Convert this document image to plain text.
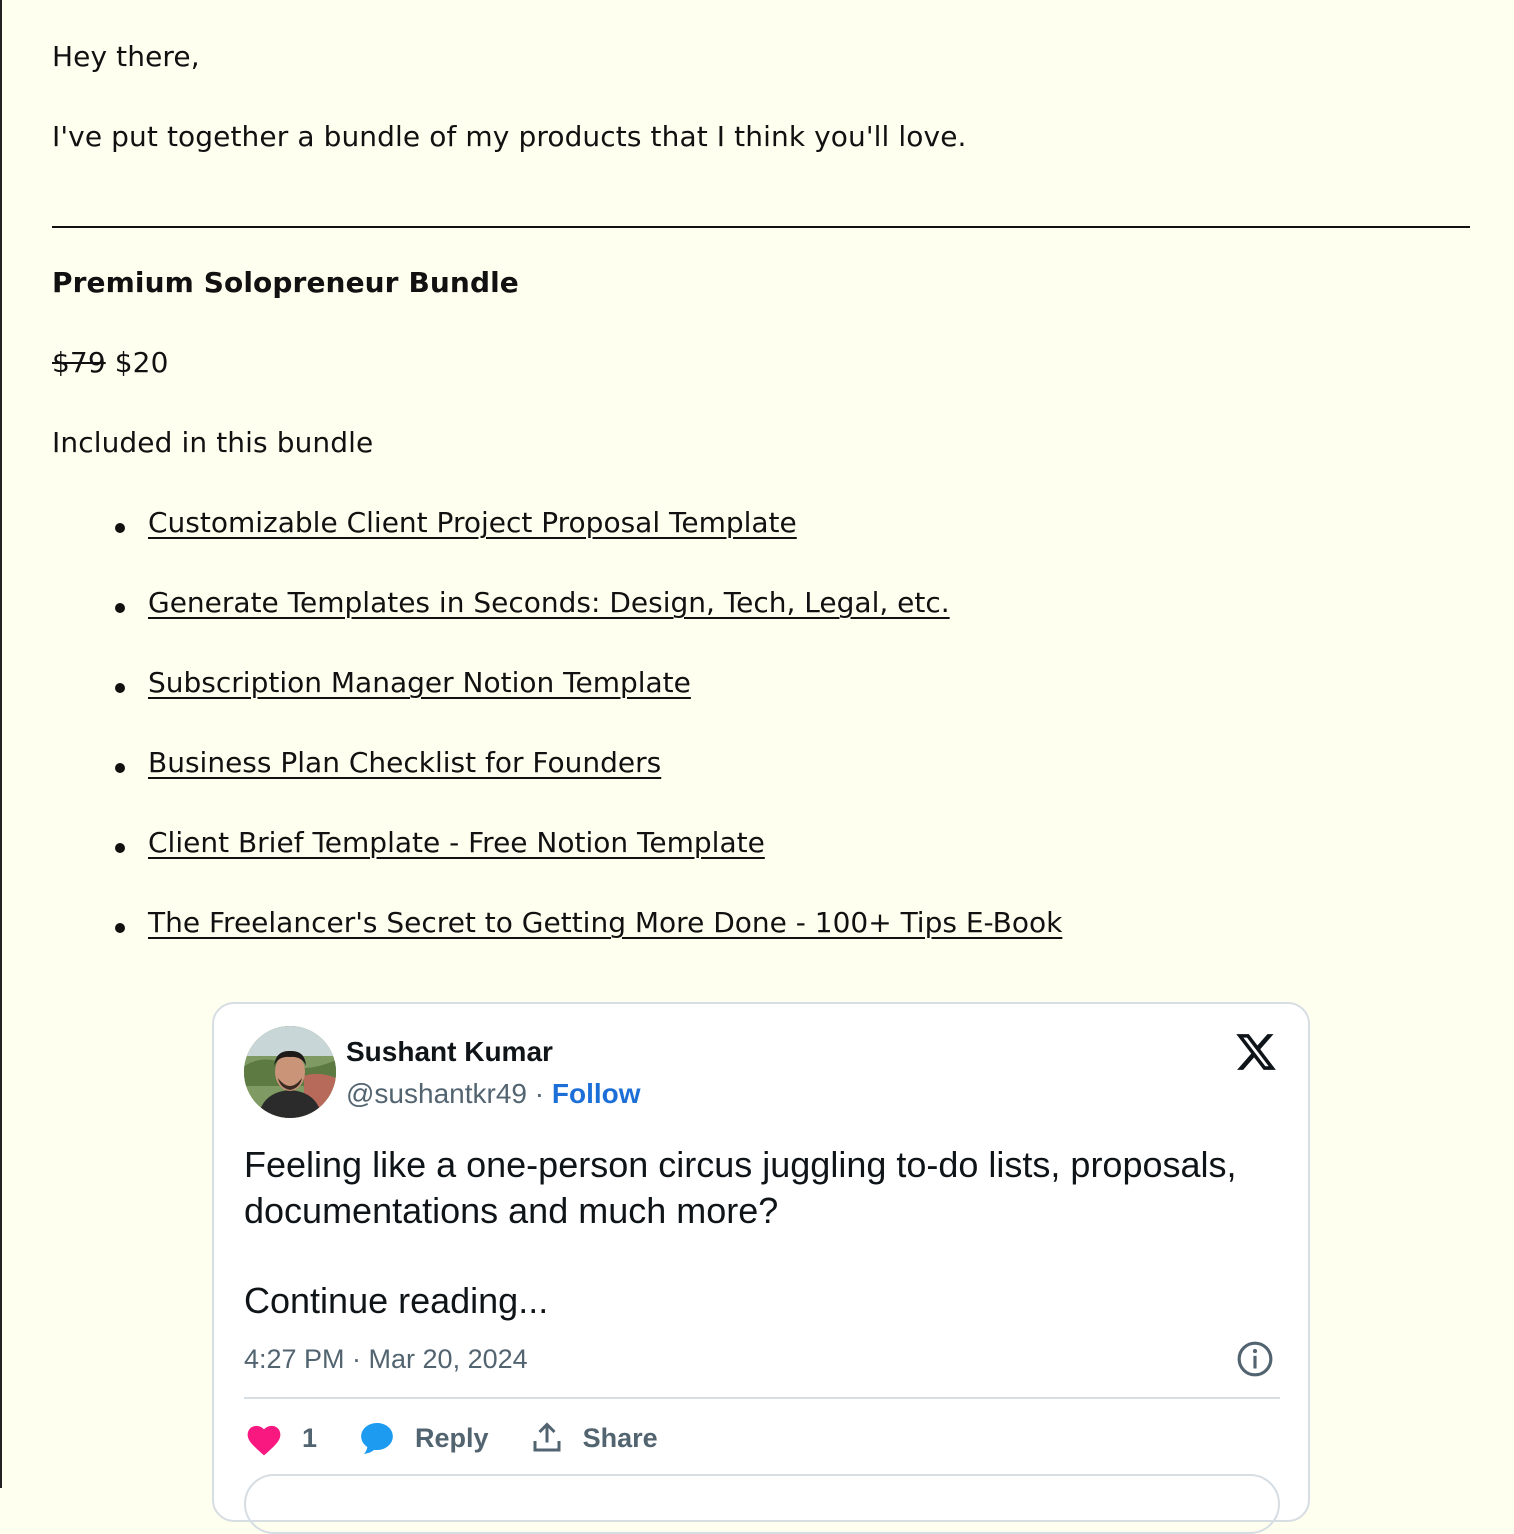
Hey there,
I've put together a bundle of my products that I think you'll love.
Premium Solopreneur Bundle
$79 $20
Included in this bundle
Customizable Client Project Proposal Template
Generate Templates in Seconds: Design, Tech, Legal, etc.
Subscription Manager Notion Template
Business Plan Checklist for Founders
Client Brief Template - Free Notion Template
The Freelancer's Secret to Getting More Done - 100+ Tips E-Book
Sushant Kumar
@sushantkr49 · Follow
Feeling like a one-person circus juggling to-do lists, proposals, documentations and much more?
Continue reading...
4:27 PM · Mar 20, 2024
1	Reply	Share
